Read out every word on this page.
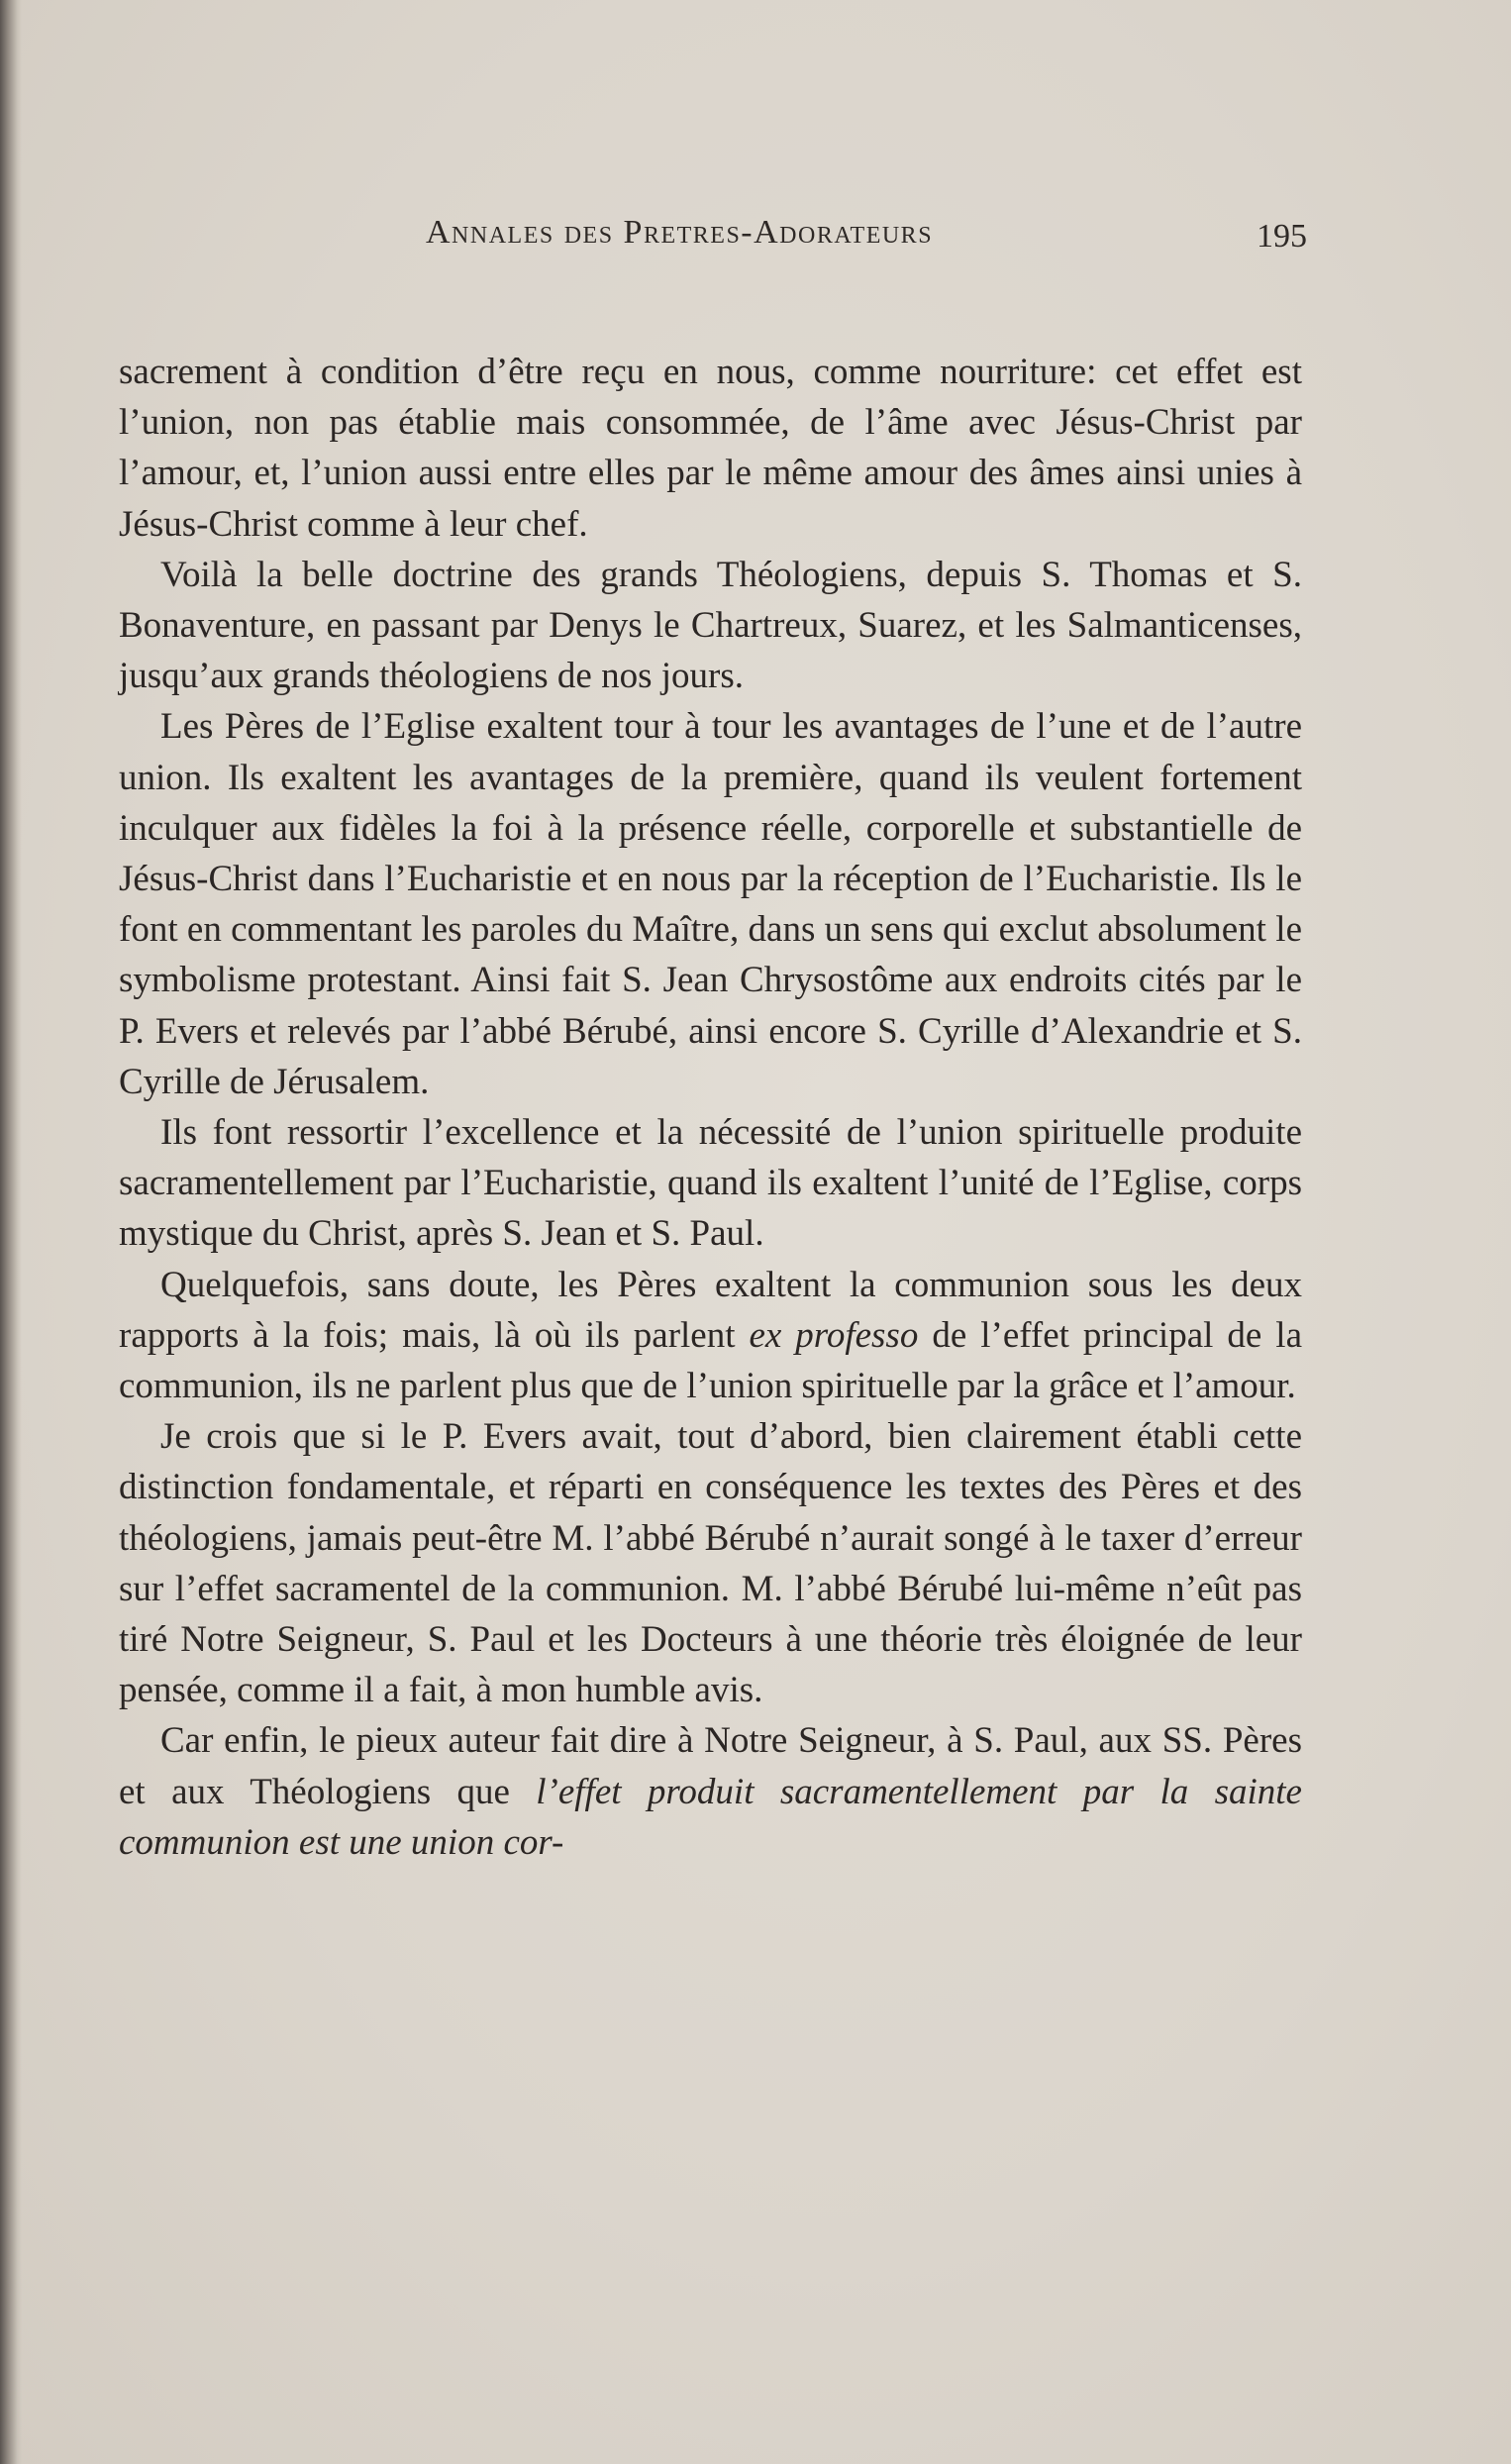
Annales des Pretres-Adorateurs	195

sacrement à condition d’être reçu en nous, comme nourriture: cet effet est l’union, non pas établie mais consommée, de l’âme avec Jésus-Christ par l’amour, et, l’union aussi entre elles par le même amour des âmes ainsi unies à Jésus-Christ comme à leur chef.

Voilà la belle doctrine des grands Théologiens, depuis S. Thomas et S. Bonaventure, en passant par Denys le Chartreux, Suarez, et les Salmanticenses, jusqu’aux grands théologiens de nos jours.

Les Pères de l’Eglise exaltent tour à tour les avantages de l’une et de l’autre union. Ils exaltent les avantages de la première, quand ils veulent fortement inculquer aux fidèles la foi à la présence réelle, corporelle et substantielle de Jésus-Christ dans l’Eucharistie et en nous par la réception de l’Eucharistie. Ils le font en commentant les paroles du Maître, dans un sens qui exclut absolument le symbolisme protestant. Ainsi fait S. Jean Chrysostôme aux endroits cités par le P. Evers et relevés par l’abbé Bérubé, ainsi encore S. Cyrille d’Alexandrie et S. Cyrille de Jérusalem.

Ils font ressortir l’excellence et la nécessité de l’union spirituelle produite sacramentellement par l’Eucharistie, quand ils exaltent l’unité de l’Eglise, corps mystique du Christ, après S. Jean et S. Paul.

Quelquefois, sans doute, les Pères exaltent la communion sous les deux rapports à la fois; mais, là où ils parlent ex professo de l’effet principal de la communion, ils ne parlent plus que de l’union spirituelle par la grâce et l’amour.

Je crois que si le P. Evers avait, tout d’abord, bien clairement établi cette distinction fondamentale, et réparti en conséquence les textes des Pères et des théologiens, jamais peut-être M. l’abbé Bérubé n’aurait songé à le taxer d’erreur sur l’effet sacramentel de la communion. M. l’abbé Bérubé lui-même n’eût pas tiré Notre Seigneur, S. Paul et les Docteurs à une théorie très éloignée de leur pensée, comme il a fait, à mon humble avis.

Car enfin, le pieux auteur fait dire à Notre Seigneur, à S. Paul, aux SS. Pères et aux Théologiens que l’effet produit sacramentellement par la sainte communion est une union cor-
